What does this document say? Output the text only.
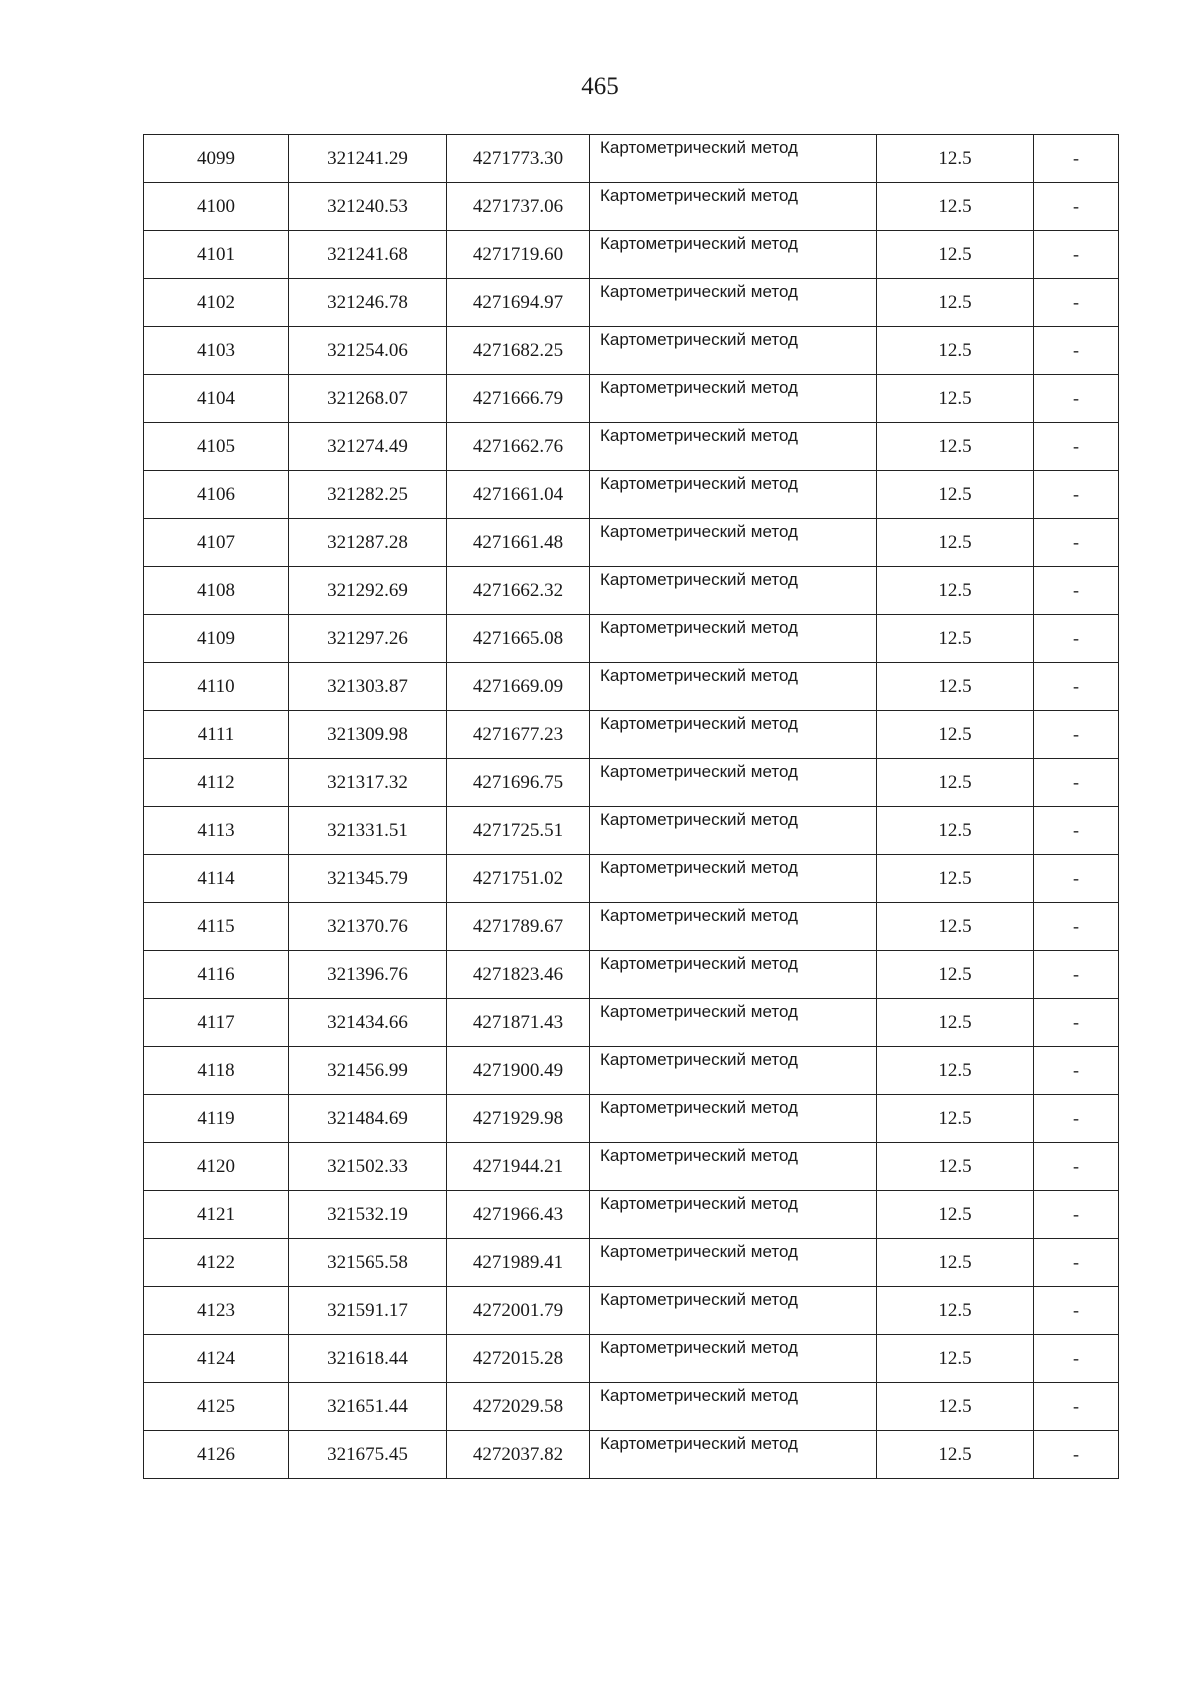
465
4099	321241.29	4271773.30	Картометрический метод	12.5	-
4100	321240.53	4271737.06	Картометрический метод	12.5	-
4101	321241.68	4271719.60	Картометрический метод	12.5	-
4102	321246.78	4271694.97	Картометрический метод	12.5	-
4103	321254.06	4271682.25	Картометрический метод	12.5	-
4104	321268.07	4271666.79	Картометрический метод	12.5	-
4105	321274.49	4271662.76	Картометрический метод	12.5	-
4106	321282.25	4271661.04	Картометрический метод	12.5	-
4107	321287.28	4271661.48	Картометрический метод	12.5	-
4108	321292.69	4271662.32	Картометрический метод	12.5	-
4109	321297.26	4271665.08	Картометрический метод	12.5	-
4110	321303.87	4271669.09	Картометрический метод	12.5	-
4111	321309.98	4271677.23	Картометрический метод	12.5	-
4112	321317.32	4271696.75	Картометрический метод	12.5	-
4113	321331.51	4271725.51	Картометрический метод	12.5	-
4114	321345.79	4271751.02	Картометрический метод	12.5	-
4115	321370.76	4271789.67	Картометрический метод	12.5	-
4116	321396.76	4271823.46	Картометрический метод	12.5	-
4117	321434.66	4271871.43	Картометрический метод	12.5	-
4118	321456.99	4271900.49	Картометрический метод	12.5	-
4119	321484.69	4271929.98	Картометрический метод	12.5	-
4120	321502.33	4271944.21	Картометрический метод	12.5	-
4121	321532.19	4271966.43	Картометрический метод	12.5	-
4122	321565.58	4271989.41	Картометрический метод	12.5	-
4123	321591.17	4272001.79	Картометрический метод	12.5	-
4124	321618.44	4272015.28	Картометрический метод	12.5	-
4125	321651.44	4272029.58	Картометрический метод	12.5	-
4126	321675.45	4272037.82	Картометрический метод	12.5	-
